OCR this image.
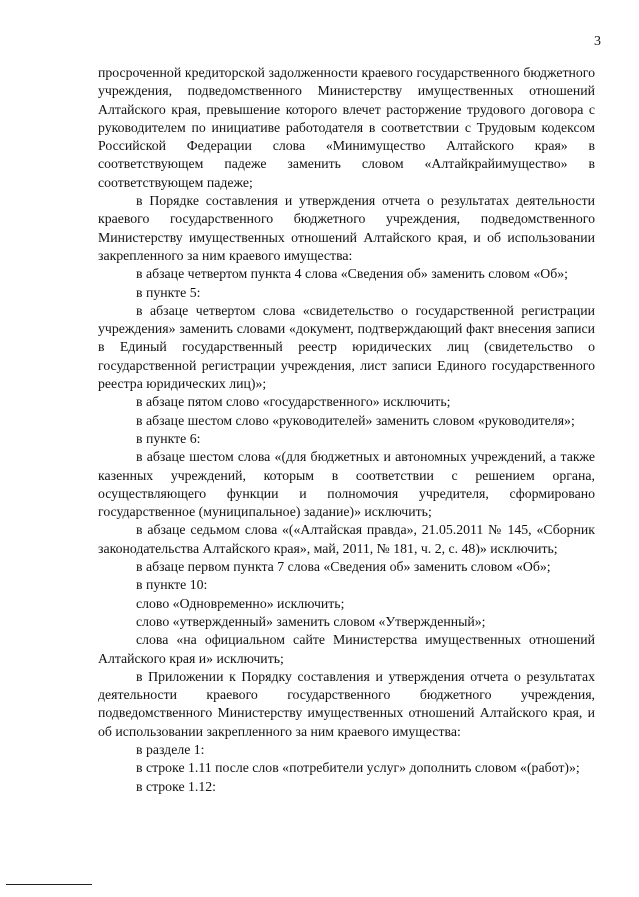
3

просроченной кредиторской задолженности краевого государственного бюджетного учреждения, подведомственного Министерству имущественных отношений Алтайского края, превышение которого влечет расторжение трудового договора с руководителем по инициативе работодателя в соответствии с Трудовым кодексом Российской Федерации слова «Минимущество Алтайского края» в соответствующем падеже заменить словом «Алтайкрайимущество» в соответствующем падеже;

в Порядке составления и утверждения отчета о результатах деятельности краевого государственного бюджетного учреждения, подведомственного Министерству имущественных отношений Алтайского края, и об использовании закрепленного за ним краевого имущества:

в абзаце четвертом пункта 4 слова «Сведения об» заменить словом «Об»;

в пункте 5:

в абзаце четвертом слова «свидетельство о государственной регистрации учреждения» заменить словами «документ, подтверждающий факт внесения записи в Единый государственный реестр юридических лиц (свидетельство о государственной регистрации учреждения, лист записи Единого государственного реестра юридических лиц)»;

в абзаце пятом слово «государственного» исключить;

в абзаце шестом слово «руководителей» заменить словом «руководителя»;

в пункте 6:

в абзаце шестом слова «(для бюджетных и автономных учреждений, а также казенных учреждений, которым в соответствии с решением органа, осуществляющего функции и полномочия учредителя, сформировано государственное (муниципальное) задание)» исключить;

в абзаце седьмом слова «(«Алтайская правда», 21.05.2011 № 145, «Сборник законодательства Алтайского края», май, 2011, № 181, ч. 2, с. 48)» исключить;

в абзаце первом пункта 7 слова «Сведения об» заменить словом «Об»;

в пункте 10:

слово «Одновременно» исключить;

слово «утвержденный» заменить словом «Утвержденный»;

слова «на официальном сайте Министерства имущественных отношений Алтайского края и» исключить;

в Приложении к Порядку составления и утверждения отчета о результатах деятельности краевого государственного бюджетного учреждения, подведомственного Министерству имущественных отношений Алтайского края, и об использовании закрепленного за ним краевого имущества:

в разделе 1:

в строке 1.11 после слов «потребители услуг» дополнить словом «(работ)»;

в строке 1.12:
